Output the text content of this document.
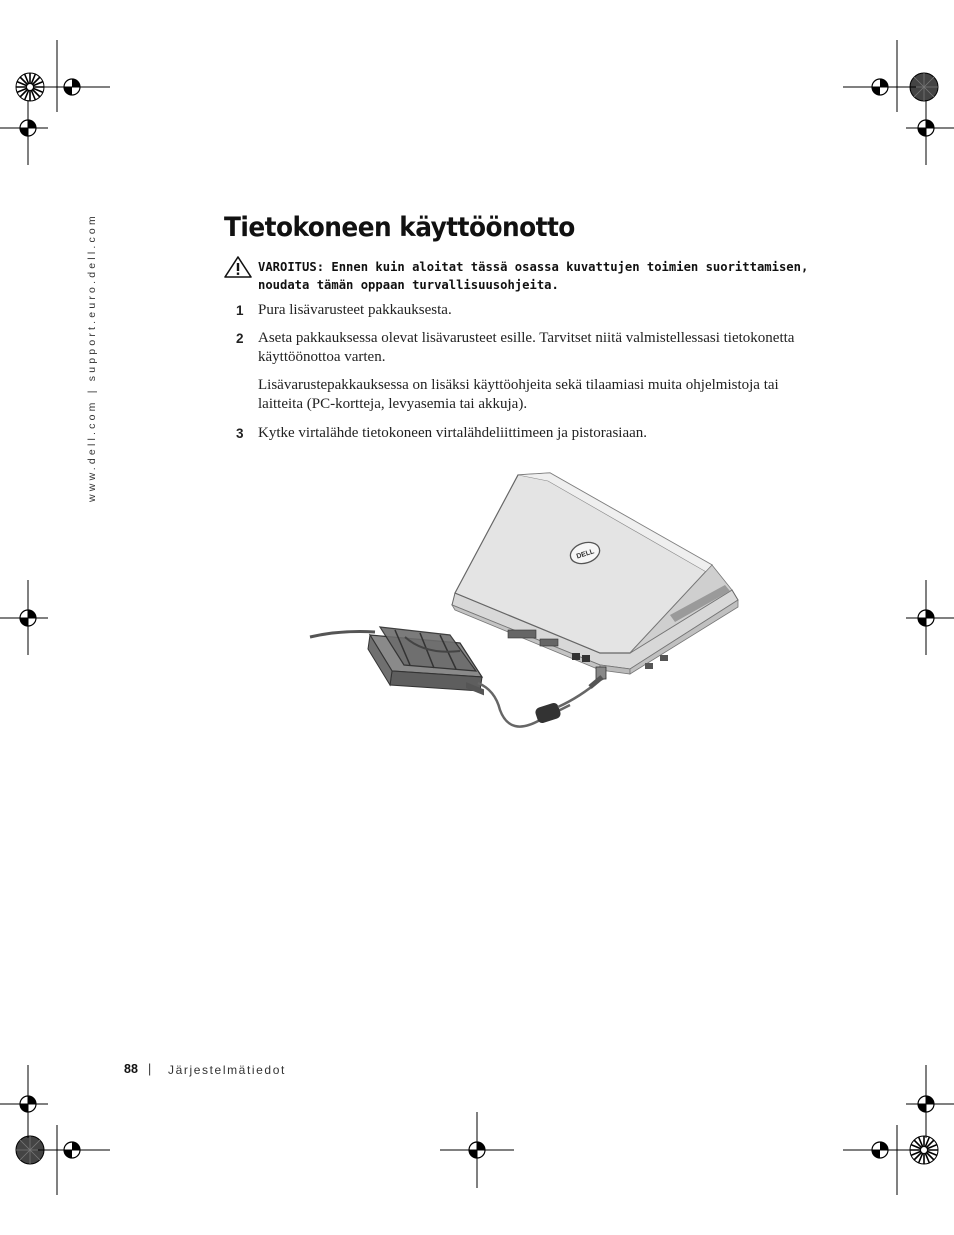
www.dell.com | support.euro.dell.com	Tietokoneen käyttöönotto
VAROITUS: Ennen kuin aloitat tässä osassa kuvattujen toimien suorittamisen, noudata tämän oppaan turvallisuusohjeita.
1 Pura lisävarusteet pakkauksesta.
2 Aseta pakkauksessa olevat lisävarusteet esille. Tarvitset niitä valmistellessasi tietokonetta käyttöönottoa varten.
Lisävarustepakkauksessa on lisäksi käyttöohjeita sekä tilaamiasi muita ohjelmistoja tai laitteita (PC-kortteja, levyasemia tai akkuja).
3 Kytke virtalähde tietokoneen virtalähdeliittimeen ja pistorasiaan.
DELL
88 | Järjestelmätiedot
